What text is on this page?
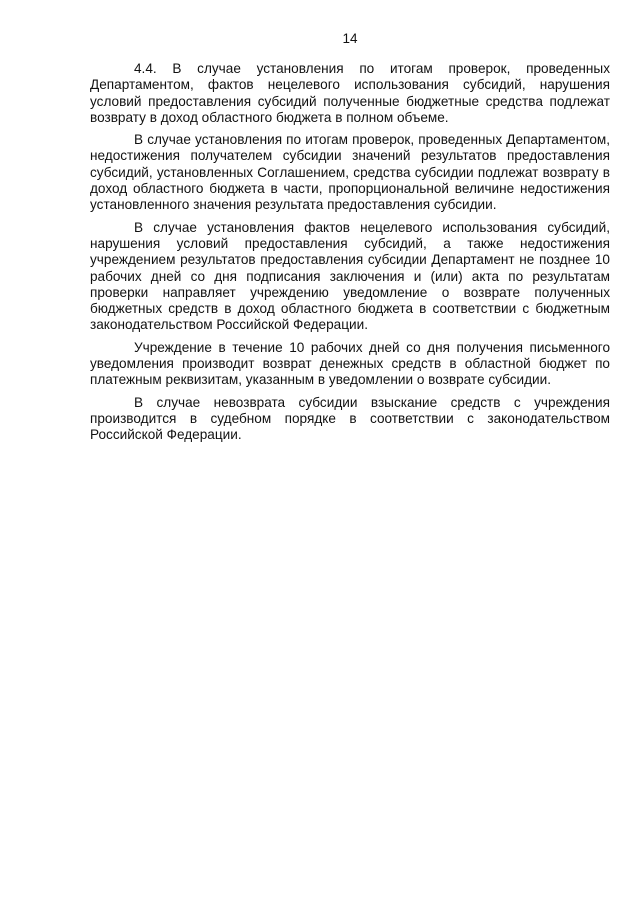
14

4.4. В случае установления по итогам проверок, проведенных Департаментом, фактов нецелевого использования субсидий, нарушения условий предоставления субсидий полученные бюджетные средства подлежат возврату в доход областного бюджета в полном объеме.

В случае установления по итогам проверок, проведенных Департаментом, недостижения получателем субсидии значений результатов предоставления субсидий, установленных Соглашением, средства субсидии подлежат возврату в доход областного бюджета в части, пропорциональной величине недостижения установленного значения результата предоставления субсидии.

В случае установления фактов нецелевого использования субсидий, нарушения условий предоставления субсидий, а также недостижения учреждением результатов предоставления субсидии Департамент не позднее 10 рабочих дней со дня подписания заключения и (или) акта по результатам проверки направляет учреждению уведомление о возврате полученных бюджетных средств в доход областного бюджета в соответствии с бюджетным законодательством Российской Федерации.

Учреждение в течение 10 рабочих дней со дня получения письменного уведомления производит возврат денежных средств в областной бюджет по платежным реквизитам, указанным в уведомлении о возврате субсидии.

В случае невозврата субсидии взыскание средств с учреждения производится в судебном порядке в соответствии с законодательством Российской Федерации.
